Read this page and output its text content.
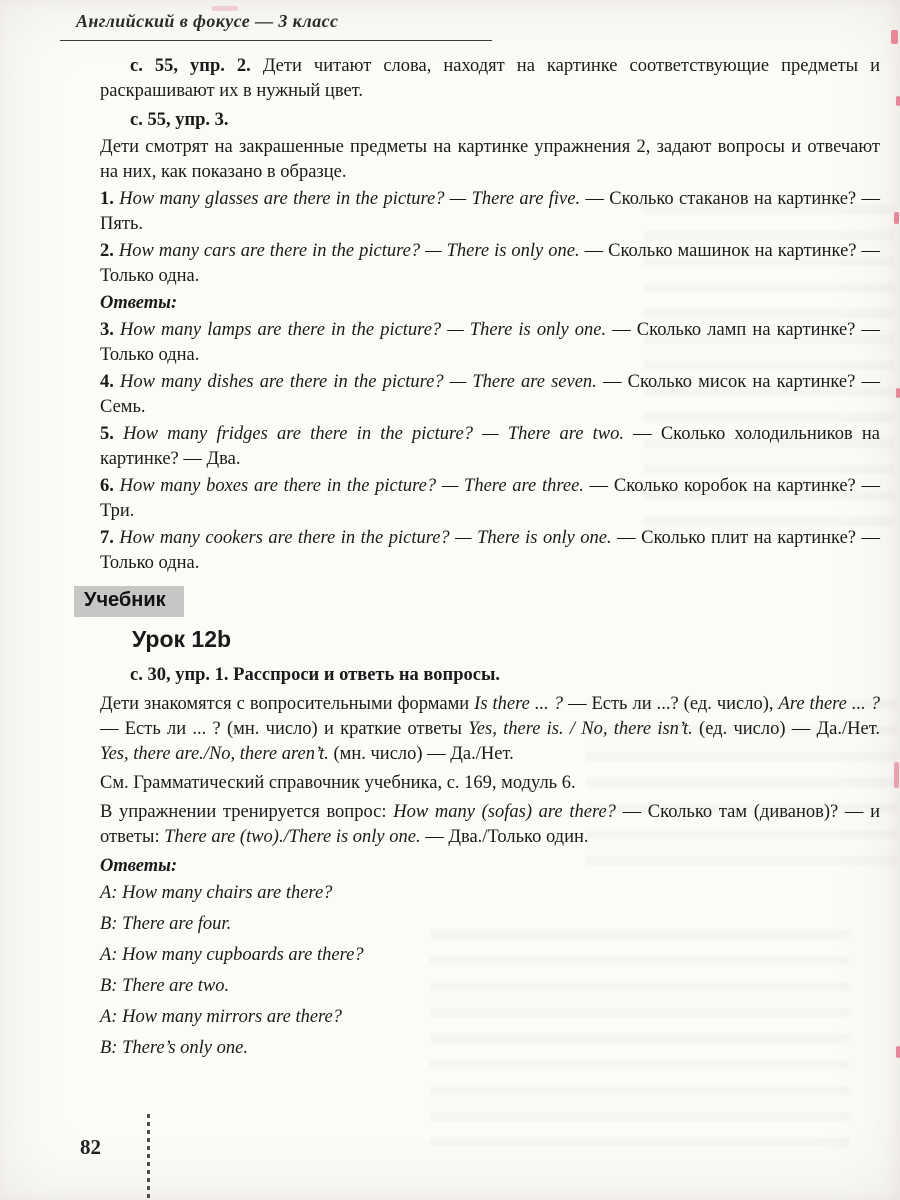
Английский в фокусе — 3 класс

с. 55, упр. 2. Дети читают слова, находят на картинке соответствующие предметы и раскрашивают их в нужный цвет.

с. 55, упр. 3.

Дети смотрят на закрашенные предметы на картинке упражнения 2, задают вопросы и отвечают на них, как показано в образце.

1. How many glasses are there in the picture? — There are five. — Сколько стаканов на картинке? — Пять.

2. How many cars are there in the picture? — There is only one. — Сколько машинок на картинке? — Только одна.

Ответы:

3. How many lamps are there in the picture? — There is only one. — Сколько ламп на картинке? — Только одна.

4. How many dishes are there in the picture? — There are seven. — Сколько мисок на картинке? — Семь.

5. How many fridges are there in the picture? — There are two. — Сколько холодильников на картинке? — Два.

6. How many boxes are there in the picture? — There are three. — Сколько коробок на картинке? — Три.

7. How many cookers are there in the picture? — There is only one. — Сколько плит на картинке? — Только одна.

Учебник
Урок 12b

с. 30, упр. 1. Расспроси и ответь на вопросы.

Дети знакомятся с вопросительными формами Is there ... ? — Есть ли ...? (ед. число), Are there ... ? — Есть ли ... ? (мн. число) и краткие ответы Yes, there is. / No, there isn’t. (ед. число) — Да./Нет. Yes, there are./No, there aren’t. (мн. число) — Да./Нет.

См. Грамматический справочник учебника, с. 169, модуль 6.

В упражнении тренируется вопрос: How many (sofas) are there? — Сколько там (диванов)? — и ответы: There are (two)./There is only one. — Два./Только один.

Ответы:

A: How many chairs are there?

B: There are four.

A: How many cupboards are there?

B: There are two.

A: How many mirrors are there?

B: There’s only one.

82
